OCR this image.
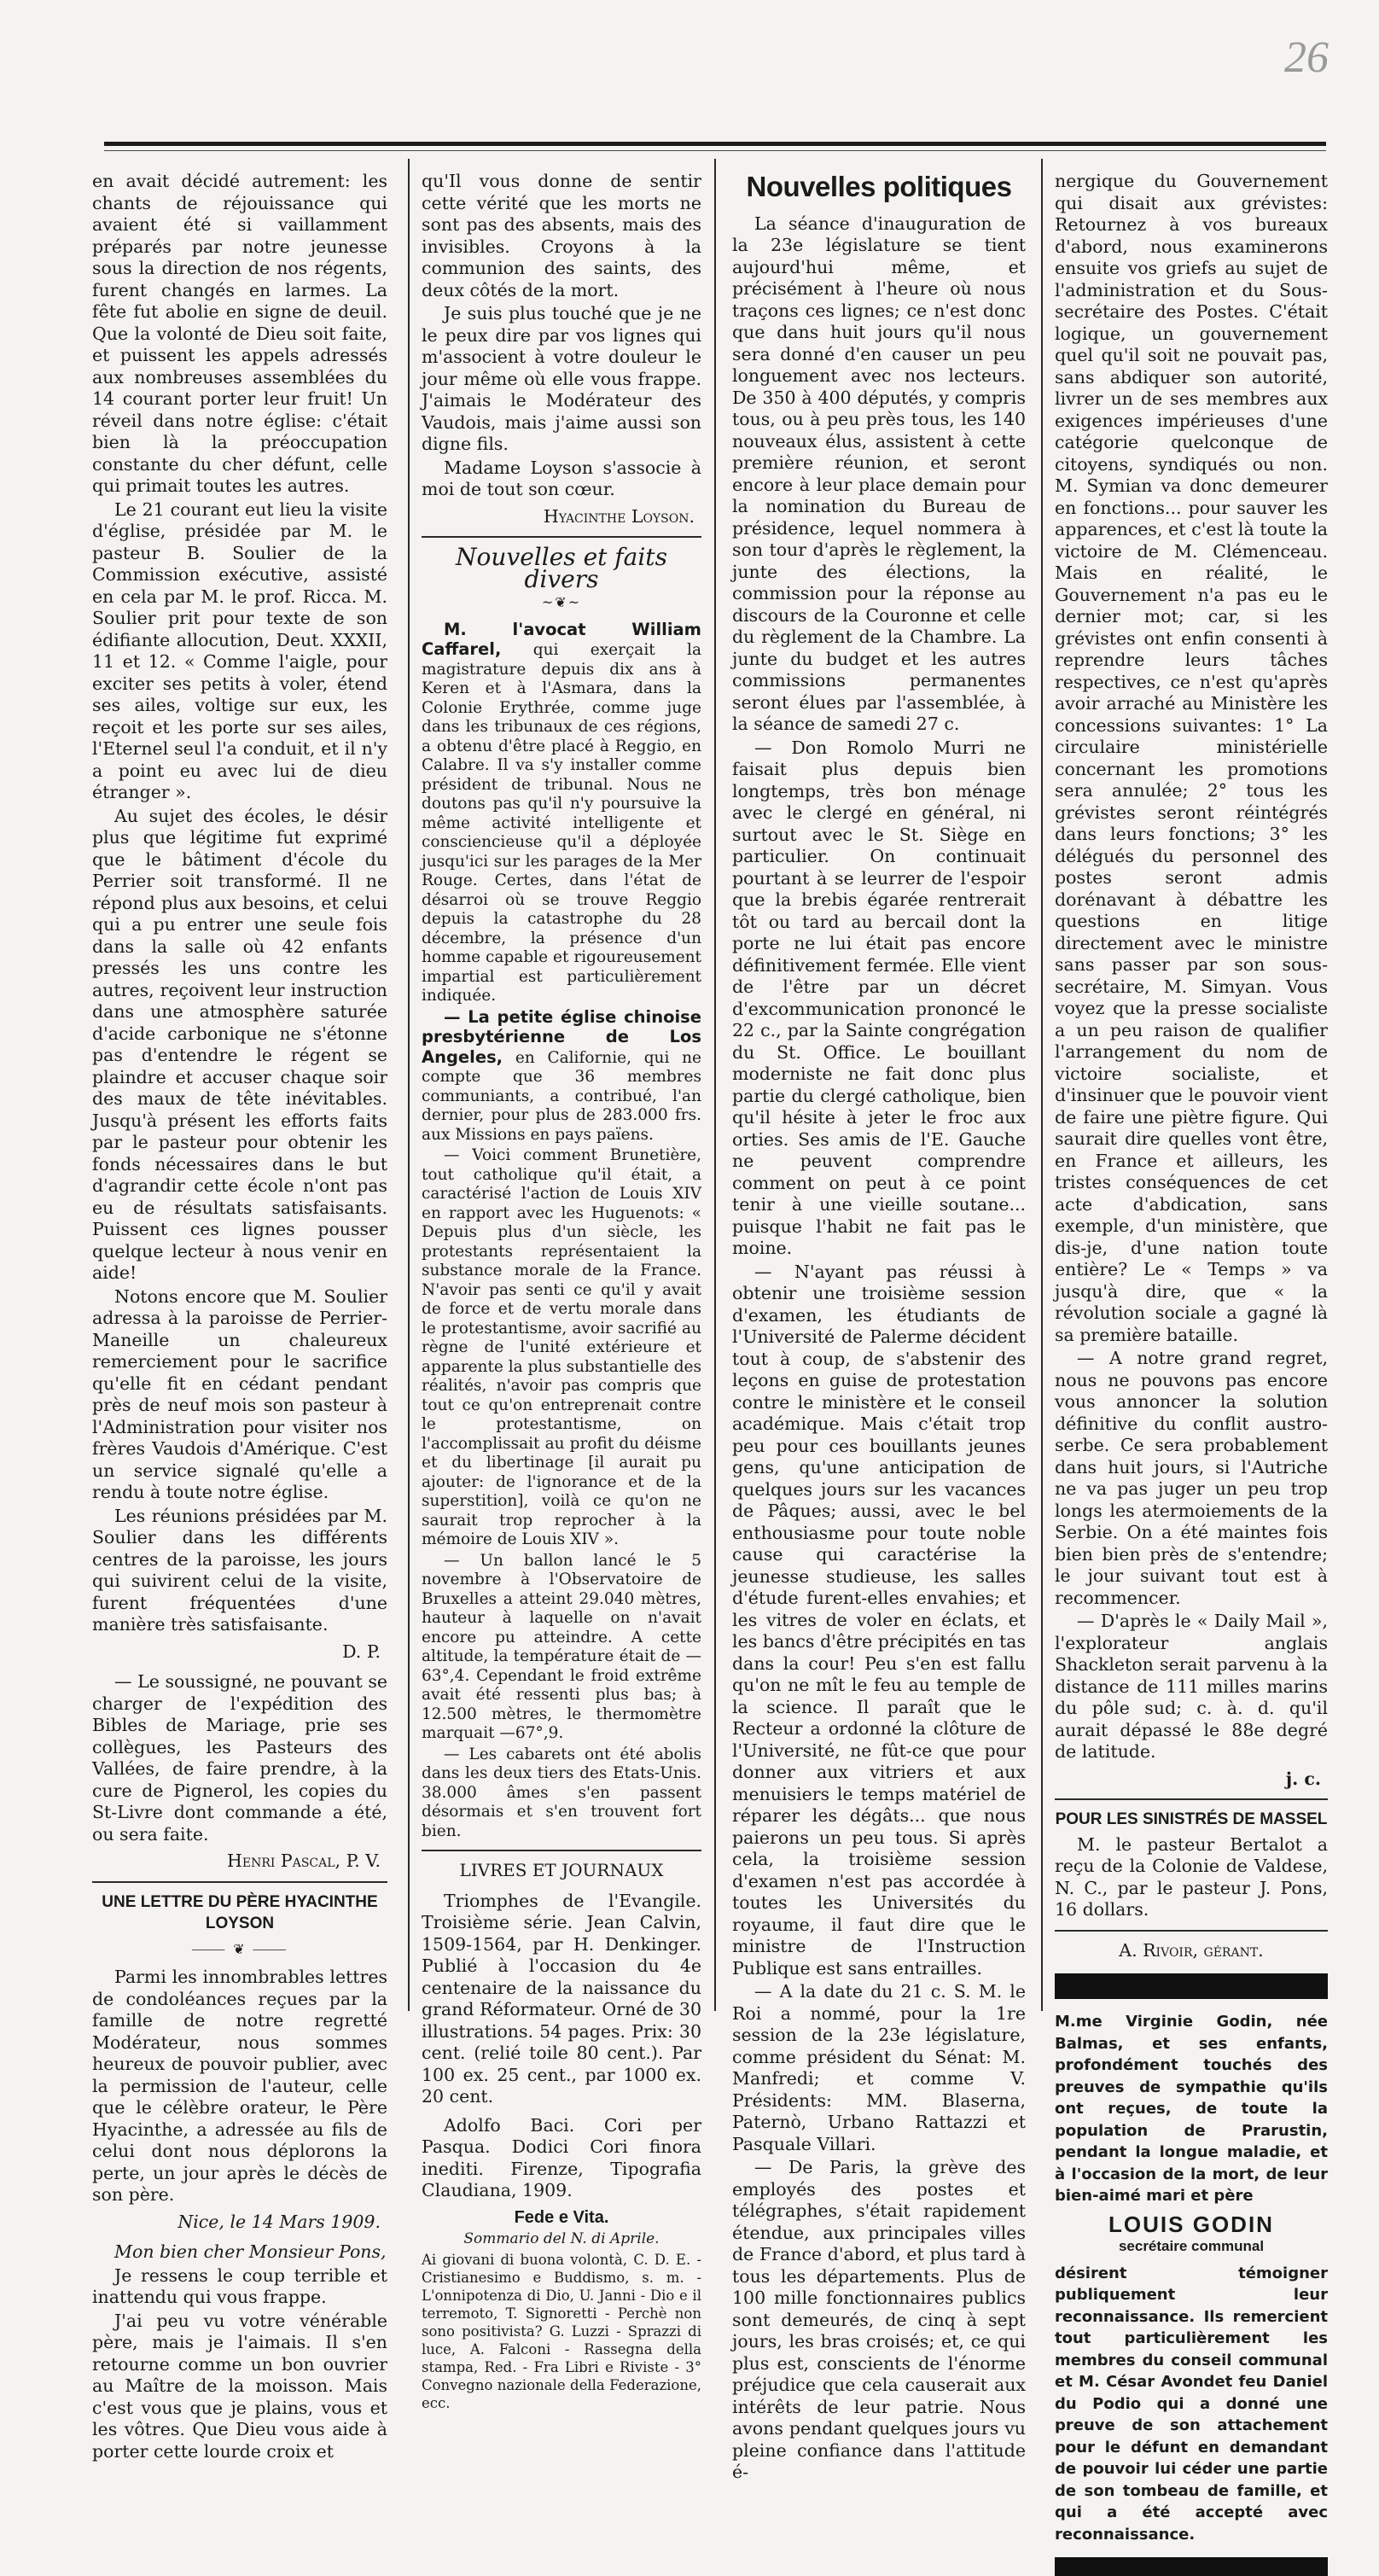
26

en avait décidé autrement: les chants de réjouissance qui avaient été si vaillamment préparés par notre jeunesse sous la direction de nos régents, furent changés en larmes. La fête fut abolie en signe de deuil. Que la volonté de Dieu soit faite, et puissent les appels adressés aux nombreuses assemblées du 14 courant porter leur fruit! Un réveil dans notre église: c'était bien là la préoccupation constante du cher défunt, celle qui primait toutes les autres.

Le 21 courant eut lieu la visite d'église, présidée par M. le pasteur B. Soulier de la Commission exécutive, assisté en cela par M. le prof. Ricca. M. Soulier prit pour texte de son édifiante allocution, Deut. XXXII, 11 et 12. « Comme l'aigle, pour exciter ses petits à voler, étend ses ailes, voltige sur eux, les reçoit et les porte sur ses ailes, l'Eternel seul l'a conduit, et il n'y a point eu avec lui de dieu étranger ».

Au sujet des écoles, le désir plus que légitime fut exprimé que le bâtiment d'école du Perrier soit transformé. Il ne répond plus aux besoins, et celui qui a pu entrer une seule fois dans la salle où 42 enfants pressés les uns contre les autres, reçoivent leur instruction dans une atmosphère saturée d'acide carbonique ne s'étonne pas d'entendre le régent se plaindre et accuser chaque soir des maux de tête inévitables. Jusqu'à présent les efforts faits par le pasteur pour obtenir les fonds nécessaires dans le but d'agrandir cette école n'ont pas eu de résultats satisfaisants. Puissent ces lignes pousser quelque lecteur à nous venir en aide!

Notons encore que M. Soulier adressa à la paroisse de Perrier-Maneille un chaleureux remerciement pour le sacrifice qu'elle fit en cédant pendant près de neuf mois son pasteur à l'Administration pour visiter nos frères Vaudois d'Amérique. C'est un service signalé qu'elle a rendu à toute notre église.

Les réunions présidées par M. Soulier dans les différents centres de la paroisse, les jours qui suivirent celui de la visite, furent fréquentées d'une manière très satisfaisante.

D. P.

— Le soussigné, ne pouvant se charger de l'expédition des Bibles de Mariage, prie ses collègues, les Pasteurs des Vallées, de faire prendre, à la cure de Pignerol, les copies du St-Livre dont commande a été, ou sera faite.

Henri Pascal, P. V.
UNE LETTRE DU PÈRE HYACINTHE LOYSON
⸻ ❦ ⸻

Parmi les innombrables lettres de condoléances reçues par la famille de notre regretté Modérateur, nous sommes heureux de pouvoir publier, avec la permission de l'auteur, celle que le célèbre orateur, le Père Hyacinthe, a adressée au fils de celui dont nous déplorons la perte, un jour après le décès de son père.

Nice, le 14 Mars 1909.

Mon bien cher Monsieur Pons,

Je ressens le coup terrible et inattendu qui vous frappe.

J'ai peu vu votre vénérable père, mais je l'aimais. Il s'en retourne comme un bon ouvrier au Maître de la moisson. Mais c'est vous que je plains, vous et les vôtres. Que Dieu vous aide à porter cette lourde croix et

qu'Il vous donne de sentir cette vérité que les morts ne sont pas des absents, mais des invisibles. Croyons à la communion des saints, des deux côtés de la mort.

Je suis plus touché que je ne le peux dire par vos lignes qui m'associent à votre douleur le jour même où elle vous frappe. J'aimais le Modérateur des Vaudois, mais j'aime aussi son digne fils.

Madame Loyson s'associe à moi de tout son cœur.

Hyacinthe Loyson.
Nouvelles et faits divers
~❦~

M. l'avocat William Caffarel, qui exerçait la magistrature depuis dix ans à Keren et à l'Asmara, dans la Colonie Erythrée, comme juge dans les tribunaux de ces régions, a obtenu d'être placé à Reggio, en Calabre. Il va s'y installer comme président de tribunal. Nous ne doutons pas qu'il n'y poursuive la même activité intelligente et consciencieuse qu'il a déployée jusqu'ici sur les parages de la Mer Rouge. Certes, dans l'état de désarroi où se trouve Reggio depuis la catastrophe du 28 décembre, la présence d'un homme capable et rigoureusement impartial est particulièrement indiquée.

— La petite église chinoise presbytérienne de Los Angeles, en Californie, qui ne compte que 36 membres communiants, a contribué, l'an dernier, pour plus de 283.000 frs. aux Missions en pays païens.

— Voici comment Brunetière, tout catholique qu'il était, a caractérisé l'action de Louis XIV en rapport avec les Huguenots: « Depuis plus d'un siècle, les protestants représentaient la substance morale de la France. N'avoir pas senti ce qu'il y avait de force et de vertu morale dans le protestantisme, avoir sacrifié au règne de l'unité extérieure et apparente la plus substantielle des réalités, n'avoir pas compris que tout ce qu'on entreprenait contre le protestantisme, on l'accomplissait au profit du déisme et du libertinage [il aurait pu ajouter: de l'ignorance et de la superstition], voilà ce qu'on ne saurait trop reprocher à la mémoire de Louis XIV ».

— Un ballon lancé le 5 novembre à l'Observatoire de Bruxelles a atteint 29.040 mètres, hauteur à laquelle on n'avait encore pu atteindre. A cette altitude, la température était de —63°,4. Cependant le froid extrême avait été ressenti plus bas; à 12.500 mètres, le thermomètre marquait —67°,9.

— Les cabarets ont été abolis dans les deux tiers des Etats-Unis. 38.000 âmes s'en passent désormais et s'en trouvent fort bien.

LIVRES ET JOURNAUX

Triomphes de l'Evangile. Troisième série. Jean Calvin, 1509-1564, par H. Denkinger. Publié à l'occasion du 4e centenaire de la naissance du grand Réformateur. Orné de 30 illustrations. 54 pages. Prix: 30 cent. (relié toile 80 cent.). Par 100 ex. 25 cent., par 1000 ex. 20 cent.

Adolfo Baci. Cori per Pasqua. Dodici Cori finora inediti. Firenze, Tipografia Claudiana, 1909.

Fede e Vita.
Sommario del N. di Aprile.

Ai giovani di buona volontà, C. D. E. - Cristianesimo e Buddismo, s. m. - L'onnipotenza di Dio, U. Janni - Dio e il terremoto, T. Signoretti - Perchè non sono positivista? G. Luzzi - Sprazzi di luce, A. Falconi - Rassegna della stampa, Red. - Fra Libri e Riviste - 3° Convegno nazionale della Federazione, ecc.

Nouvelles politiques

La séance d'inauguration de la 23e législature se tient aujourd'hui même, et précisément à l'heure où nous traçons ces lignes; ce n'est donc que dans huit jours qu'il nous sera donné d'en causer un peu longuement avec nos lecteurs. De 350 à 400 députés, y compris tous, ou à peu près tous, les 140 nouveaux élus, assistent à cette première réunion, et seront encore à leur place demain pour la nomination du Bureau de présidence, lequel nommera à son tour d'après le règlement, la junte des élections, la commission pour la réponse au discours de la Couronne et celle du règlement de la Chambre. La junte du budget et les autres commissions permanentes seront élues par l'assemblée, à la séance de samedi 27 c.

— Don Romolo Murri ne faisait plus depuis bien longtemps, très bon ménage avec le clergé en général, ni surtout avec le St. Siège en particulier. On continuait pourtant à se leurrer de l'espoir que la brebis égarée rentrerait tôt ou tard au bercail dont la porte ne lui était pas encore définitivement fermée. Elle vient de l'être par un décret d'excommunication prononcé le 22 c., par la Sainte congrégation du St. Office. Le bouillant moderniste ne fait donc plus partie du clergé catholique, bien qu'il hésite à jeter le froc aux orties. Ses amis de l'E. Gauche ne peuvent comprendre comment on peut à ce point tenir à une vieille soutane... puisque l'habit ne fait pas le moine.

— N'ayant pas réussi à obtenir une troisième session d'examen, les étudiants de l'Université de Palerme décident tout à coup, de s'abstenir des leçons en guise de protestation contre le ministère et le conseil académique. Mais c'était trop peu pour ces bouillants jeunes gens, qu'une anticipation de quelques jours sur les vacances de Pâques; aussi, avec le bel enthousiasme pour toute noble cause qui caractérise la jeunesse studieuse, les salles d'étude furent-elles envahies; et les vitres de voler en éclats, et les bancs d'être précipités en tas dans la cour! Peu s'en est fallu qu'on ne mît le feu au temple de la science. Il paraît que le Recteur a ordonné la clôture de l'Université, ne fût-ce que pour donner aux vitriers et aux menuisiers le temps matériel de réparer les dégâts... que nous paierons un peu tous. Si après cela, la troisième session d'examen n'est pas accordée à toutes les Universités du royaume, il faut dire que le ministre de l'Instruction Publique est sans entrailles.

— A la date du 21 c. S. M. le Roi a nommé, pour la 1re session de la 23e législature, comme président du Sénat: M. Manfredi; et comme V. Présidents: MM. Blaserna, Paternò, Urbano Rattazzi et Pasquale Villari.

— De Paris, la grève des employés des postes et télégraphes, s'était rapidement étendue, aux principales villes de France d'abord, et plus tard à tous les départements. Plus de 100 mille fonctionnaires publics sont demeurés, de cinq à sept jours, les bras croisés; et, ce qui plus est, conscients de l'énorme préjudice que cela causerait aux intérêts de leur patrie. Nous avons pendant quelques jours vu pleine confiance dans l'attitude é-

nergique du Gouvernement qui disait aux grévistes: Retournez à vos bureaux d'abord, nous examinerons ensuite vos griefs au sujet de l'administration et du Sous-secrétaire des Postes. C'était logique, un gouvernement quel qu'il soit ne pouvait pas, sans abdiquer son autorité, livrer un de ses membres aux exigences impérieuses d'une catégorie quelconque de citoyens, syndiqués ou non. M. Symian va donc demeurer en fonctions... pour sauver les apparences, et c'est là toute la victoire de M. Clémenceau. Mais en réalité, le Gouvernement n'a pas eu le dernier mot; car, si les grévistes ont enfin consenti à reprendre leurs tâches respectives, ce n'est qu'après avoir arraché au Ministère les concessions suivantes: 1° La circulaire ministérielle concernant les promotions sera annulée; 2° tous les grévistes seront réintégrés dans leurs fonctions; 3° les délégués du personnel des postes seront admis dorénavant à débattre les questions en litige directement avec le ministre sans passer par son sous-secrétaire, M. Simyan. Vous voyez que la presse socialiste a un peu raison de qualifier l'arrangement du nom de victoire socialiste, et d'insinuer que le pouvoir vient de faire une piètre figure. Qui saurait dire quelles vont être, en France et ailleurs, les tristes conséquences de cet acte d'abdication, sans exemple, d'un ministère, que dis-je, d'une nation toute entière? Le « Temps » va jusqu'à dire, que « la révolution sociale a gagné là sa première bataille.

— A notre grand regret, nous ne pouvons pas encore vous annoncer la solution définitive du conflit austro-serbe. Ce sera probablement dans huit jours, si l'Autriche ne va pas juger un peu trop longs les atermoiements de la Serbie. On a été maintes fois bien bien près de s'entendre; le jour suivant tout est à recommencer.

— D'après le « Daily Mail », l'explorateur anglais Shackleton serait parvenu à la distance de 111 milles marins du pôle sud; c. à. d. qu'il aurait dépassé le 88e degré de latitude.

j. c.
POUR LES SINISTRÉS DE MASSEL

M. le pasteur Bertalot a reçu de la Colonie de Valdese, N. C., par le pasteur J. Pons, 16 dollars.

A. Rivoir, gérant.

M.me Virginie Godin, née Balmas, et ses enfants, profondément touchés des preuves de sympathie qu'ils ont reçues, de toute la population de Prarustin, pendant la longue maladie, et à l'occasion de la mort, de leur bien-aimé mari et père

LOUIS GODIN
secrétaire communal

désirent témoigner publiquement leur reconnaissance. Ils remercient tout particulièrement les membres du conseil communal et M. César Avondet feu Daniel du Podio qui a donné une preuve de son attachement pour le défunt en demandant de pouvoir lui céder une partie de son tombeau de famille, et qui a été accepté avec reconnaissance.
